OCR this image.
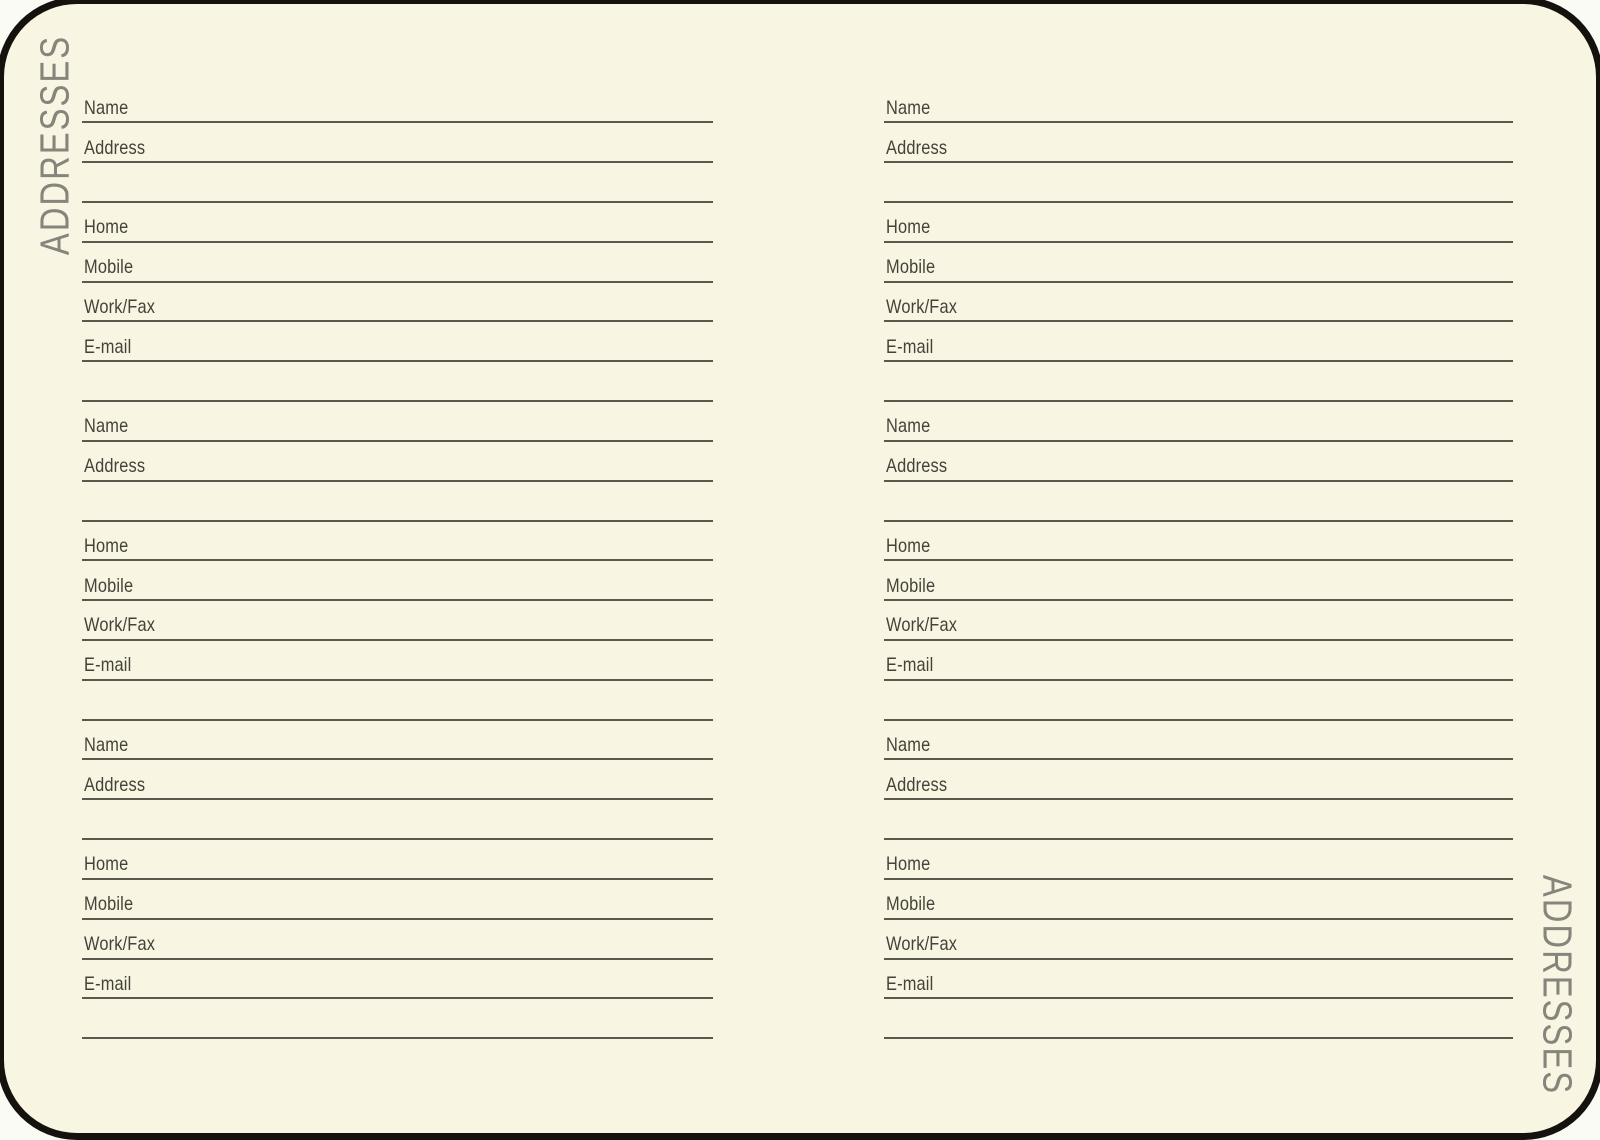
ADDRESSES
ADDRESSES
Name
Address
Home
Mobile
Work/Fax
E-mail
Name
Address
Home
Mobile
Work/Fax
E-mail
Name
Address
Home
Mobile
Work/Fax
E-mail
Name
Address
Home
Mobile
Work/Fax
E-mail
Name
Address
Home
Mobile
Work/Fax
E-mail
Name
Address
Home
Mobile
Work/Fax
E-mail
